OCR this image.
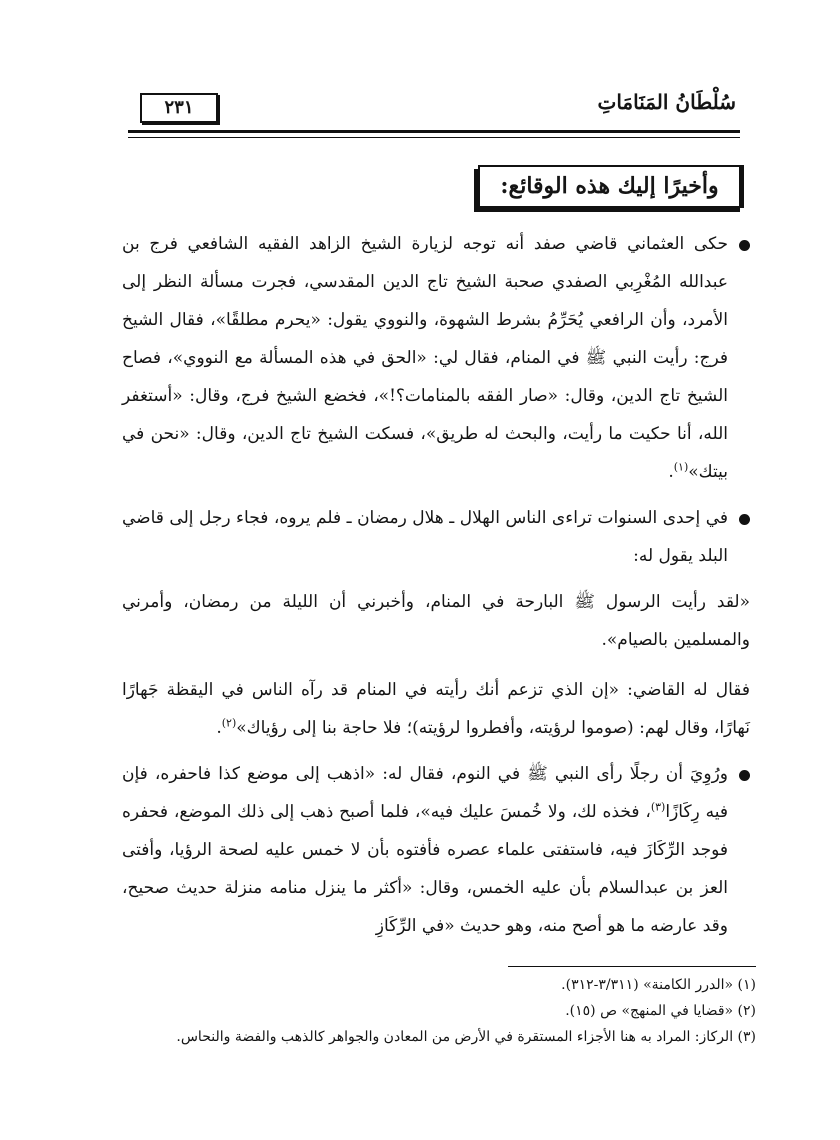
سُلْطَانُ المَنَامَاتِ
٢٣١
وأخيرًا إليك هذه الوقائع:

حكى العثماني قاضي صفد أنه توجه لزيارة الشيخ الزاهد الفقيه الشافعي فرج بن عبدالله المُغْرِبي الصفدي صحبة الشيخ تاج الدين المقدسي، فجرت مسألة النظر إلى الأمرد، وأن الرافعي يُحَرِّمُ بشرط الشهوة، والنووي يقول: «يحرم مطلقًا»، فقال الشيخ فرج: رأيت النبي ﷺ في المنام، فقال لي: «الحق في هذه المسألة مع النووي»، فصاح الشيخ تاج الدين، وقال: «صار الفقه بالمنامات؟!»، فخضع الشيخ فرج، وقال: «أستغفر الله، أنا حكيت ما رأيت، والبحث له طريق»، فسكت الشيخ تاج الدين، وقال: «نحن في بيتك»$^{(١)}$.

في إحدى السنوات تراءى الناس الهلال ـ هلال رمضان ـ فلم يروه، فجاء رجل إلى قاضي البلد يقول له:

«لقد رأيت الرسول ﷺ البارحة في المنام، وأخبرني أن الليلة من رمضان، وأمرني والمسلمين بالصيام».

فقال له القاضي: «إن الذي تزعم أنك رأيته في المنام قد رآه الناس في اليقظة جَهارًا نَهارًا، وقال لهم: (صوموا لرؤيته، وأفطروا لرؤيته)؛ فلا حاجة بنا إلى رؤياك»$^{(٢)}$.

ورُوِيَ أن رجلًا رأى النبي ﷺ في النوم، فقال له: «اذهب إلى موضع كذا فاحفره، فإن فيه رِكَازًا$^{(٣)}$، فخذه لك، ولا خُمسَ عليك فيه»، فلما أصبح ذهب إلى ذلك الموضع، فحفره فوجد الرِّكَازَ فيه، فاستفتى علماء عصره فأفتوه بأن لا خمس عليه لصحة الرؤيا، وأفتى العز بن عبدالسلام بأن عليه الخمس، وقال: «أكثر ما ينزل منامه منزلة حديث صحيح، وقد عارضه ما هو أصح منه، وهو حديث «في الرِّكَازِ

(١) «الدرر الكامنة» (٣/٣١١-٣١٢).

(٢) «قضايا في المنهج» ص (١٥).

(٣) الركاز: المراد به هنا الأجزاء المستقرة في الأرض من المعادن والجواهر كالذهب والفضة والنحاس.
